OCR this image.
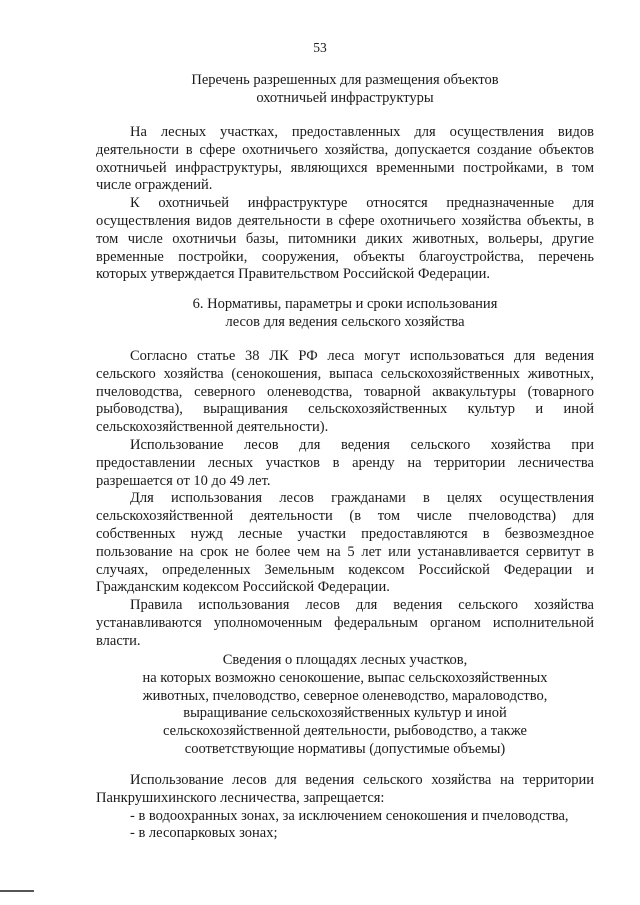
53
Перечень разрешенных для размещения объектов
охотничьей инфраструктуры

На лесных участках, предоставленных для осуществления видов деятельности в сфере охотничьего хозяйства, допускается создание объектов охотничьей инфраструктуры, являющихся временными постройками, в том числе ограждений.

К охотничьей инфраструктуре относятся предназначенные для осуществления видов деятельности в сфере охотничьего хозяйства объекты, в том числе охотничьи базы, питомники диких животных, вольеры, другие временные постройки, сооружения, объекты благоустройства, перечень которых утверждается Правительством Российской Федерации.

6. Нормативы, параметры и сроки использования
лесов для ведения сельского хозяйства

Согласно статье 38 ЛК РФ леса могут использоваться для ведения сельского хозяйства (сенокошения, выпаса сельскохозяйственных животных, пчеловодства, северного оленеводства, товарной аквакультуры (товарного рыбоводства), выращивания сельскохозяйственных культур и иной сельскохозяйственной деятельности).

Использование лесов для ведения сельского хозяйства при предоставлении лесных участков в аренду на территории лесничества разрешается от 10 до 49 лет.

Для использования лесов гражданами в целях осуществления сельскохозяйственной деятельности (в том числе пчеловодства) для собственных нужд лесные участки предоставляются в безвозмездное пользование на срок не более чем на 5 лет или устанавливается сервитут в случаях, определенных Земельным кодексом Российской Федерации и Гражданским кодексом Российской Федерации.

Правила использования лесов для ведения сельского хозяйства устанавливаются уполномоченным федеральным органом исполнительной власти.

Сведения о площадях лесных участков,
на которых возможно сенокошение, выпас сельскохозяйственных
животных, пчеловодство, северное оленеводство, мараловодство,
выращивание сельскохозяйственных культур и иной
сельскохозяйственной деятельности, рыбоводство, а также
соответствующие нормативы (допустимые объемы)

Использование лесов для ведения сельского хозяйства на территории Панкрушихинского лесничества, запрещается:

- в водоохранных зонах, за исключением сенокошения и пчеловодства,

- в лесопарковых зонах;
